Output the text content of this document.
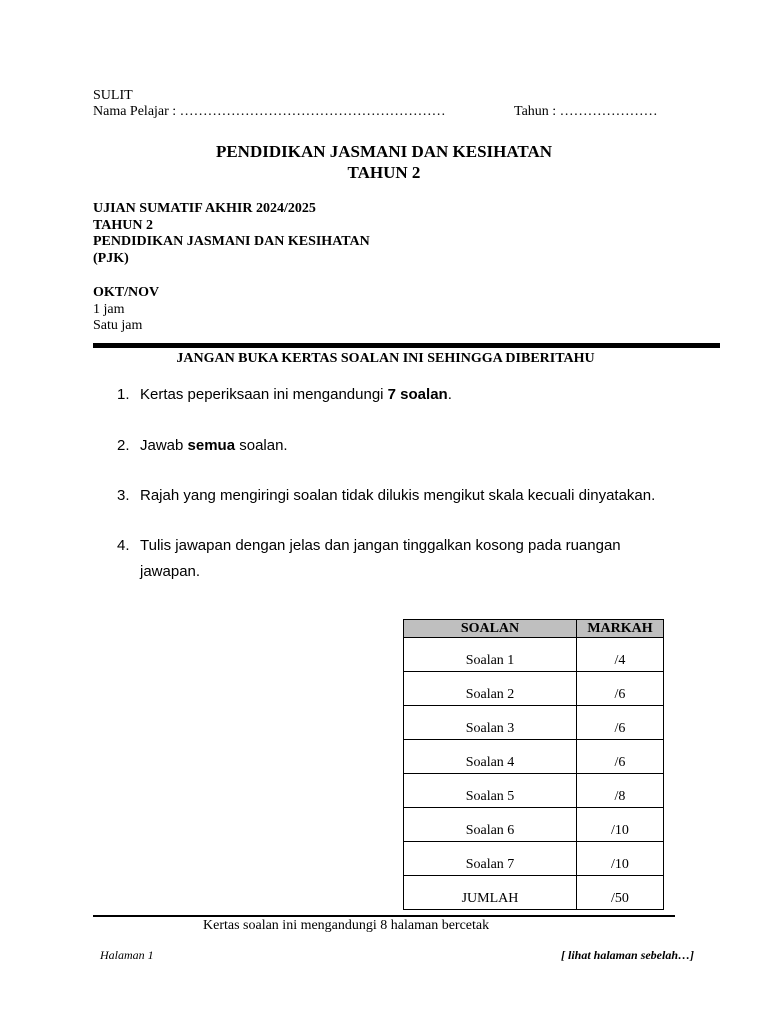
SULIT
Nama Pelajar : …………………………………………………	Tahun : …………………
PENDIDIKAN JASMANI DAN KESIHATAN
TAHUN 2
UJIAN SUMATIF AKHIR 2024/2025
TAHUN 2
PENDIDIKAN JASMANI DAN KESIHATAN
(PJK)
OKT/NOV
1 jam
Satu jam
JANGAN BUKA KERTAS SOALAN INI SEHINGGA DIBERITAHU
1. Kertas peperiksaan ini mengandungi 7 soalan.
2. Jawab semua soalan.
3. Rajah yang mengiringi soalan tidak dilukis mengikut skala kecuali dinyatakan.
4. Tulis jawapan dengan jelas dan jangan tinggalkan kosong pada ruangan jawapan.
SOALAN	MARKAH
Soalan 1	/4
Soalan 2	/6
Soalan 3	/6
Soalan 4	/6
Soalan 5	/8
Soalan 6	/10
Soalan 7	/10
JUMLAH	/50
Kertas soalan ini mengandungi 8 halaman bercetak
Halaman 1	[ lihat halaman sebelah…]
